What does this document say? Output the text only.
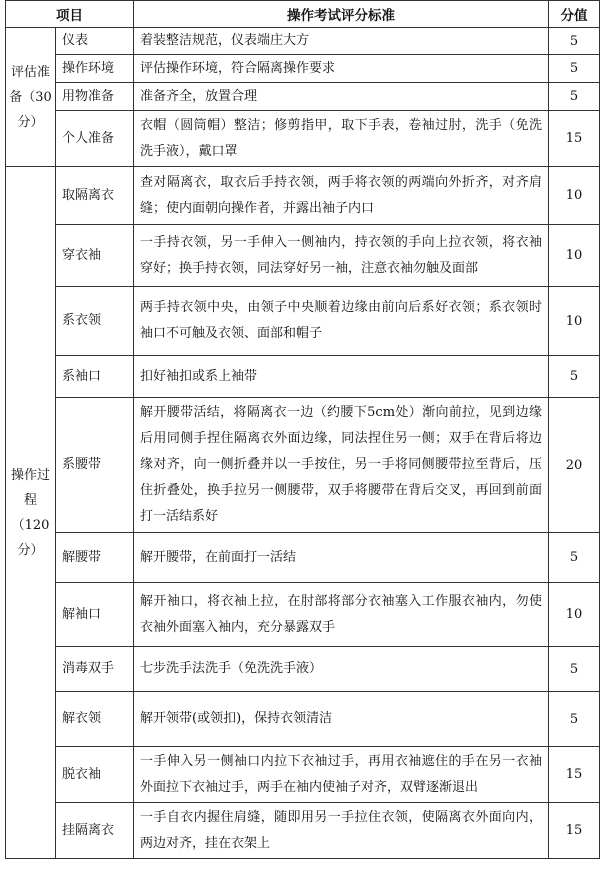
项目		操作考试评分标准	分值
评估准备（30分）	仪表	着装整洁规范，仪表端庄大方	5
	操作环境	评估操作环境，符合隔离操作要求	5
	用物准备	准备齐全，放置合理	5
	个人准备	衣帽（圆筒帽）整洁；修剪指甲，取下手表，卷袖过肘，洗手（免洗洗手液），戴口罩	15
操作过程（120分）	取隔离衣	查对隔离衣，取衣后手持衣领，两手将衣领的两端向外折齐，对齐肩缝；使内面朝向操作者，并露出袖子内口	10
	穿衣袖	一手持衣领，另一手伸入一侧袖内，持衣领的手向上拉衣领，将衣袖穿好；换手持衣领，同法穿好另一袖，注意衣袖勿触及面部	10
	系衣领	两手持衣领中央，由领子中央顺着边缘由前向后系好衣领；系衣领时袖口不可触及衣领、面部和帽子	10
	系袖口	扣好袖扣或系上袖带	5
	系腰带	解开腰带活结，将隔离衣一边（约腰下5cm处）渐向前拉，见到边缘后用同侧手捏住隔离衣外面边缘，同法捏住另一侧；双手在背后将边缘对齐，向一侧折叠并以一手按住，另一手将同侧腰带拉至背后，压住折叠处，换手拉另一侧腰带，双手将腰带在背后交叉，再回到前面打一活结系好	20
	解腰带	解开腰带，在前面打一活结	5
	解袖口	解开袖口，将衣袖上拉，在肘部将部分衣袖塞入工作服衣袖内，勿使衣袖外面塞入袖内，充分暴露双手	10
	消毒双手	七步洗手法洗手（免洗洗手液）	5
	解衣领	解开领带(或领扣)，保持衣领清洁	5
	脱衣袖	一手伸入另一侧袖口内拉下衣袖过手，再用衣袖遮住的手在另一衣袖外面拉下衣袖过手，两手在袖内使袖子对齐，双臂逐渐退出	15
	挂隔离衣	一手自衣内握住肩缝，随即用另一手拉住衣领，使隔离衣外面向内，两边对齐，挂在衣架上	15
